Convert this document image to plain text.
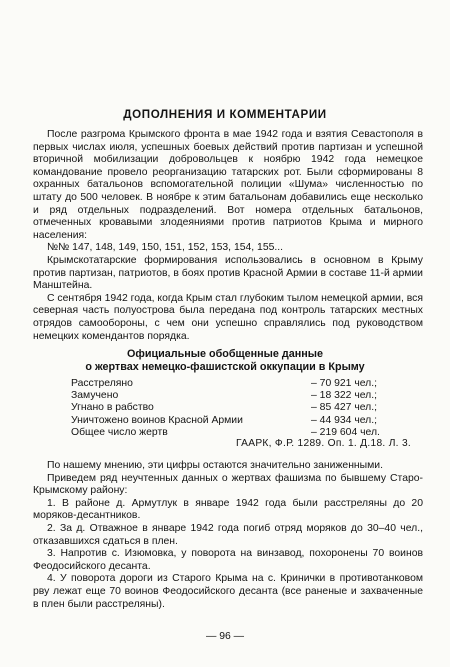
ДОПОЛНЕНИЯ И КОММЕНТАРИИ

После разгрома Крымского фронта в мае 1942 года и взятия Севастополя в первых числах июля, успешных боевых действий против партизан и успешной вторичной мобилизации добровольцев к ноябрю 1942 года немецкое командование провело реорганизацию татарских рот. Были сформированы 8 охранных батальонов вспомогательной полиции «Шума» численностью по штату до 500 человек. В ноябре к этим батальонам добавились еще несколько и ряд отдельных подразделений. Вот номера отдельных батальонов, отмеченных кровавыми злодеяниями против патриотов Крыма и мирного населения:

№№ 147, 148, 149, 150, 151, 152, 153, 154, 155...

Крымскотатарские формирования использовались в основном в Крыму против партизан, патриотов, в боях против Красной Армии в составе 11-й армии Манштейна.

С сентября 1942 года, когда Крым стал глубоким тылом немецкой армии, вся северная часть полуострова была передана под контроль татарских местных отрядов самообороны, с чем они успешно справлялись под руководством немецких комендантов порядка.

Официальные обобщенные данные
о жертвах немецко-фашистской оккупации в Крыму
Расстреляно	– 70 921 чел.;
Замучено	– 18 322 чел.;
Угнано в рабство	– 85 427 чел.;
Уничтожено воинов Красной Армии	– 44 934 чел.;
Общее число жертв	– 219 604 чел.
ГААРК, Ф.Р. 1289. Оп. 1. Д.18. Л. 3.

По нашему мнению, эти цифры остаются значительно заниженными.

Приведем ряд неучтенных данных о жертвах фашизма по бывшему Старо-Крымскому району:

1. В районе д. Армутлук в январе 1942 года были расстреляны до 20 моряков-десантников.

2. За д. Отважное в январе 1942 года погиб отряд моряков до 30–40 чел., отказавшихся сдаться в плен.

3. Напротив с. Изюмовка, у поворота на винзавод, похоронены 70 воинов Феодосийского десанта.

4. У поворота дороги из Старого Крыма на с. Кринички в противотанковом рву лежат еще 70 воинов Феодосийского десанта (все раненые и захваченные в плен были расстреляны).

— 96 —
